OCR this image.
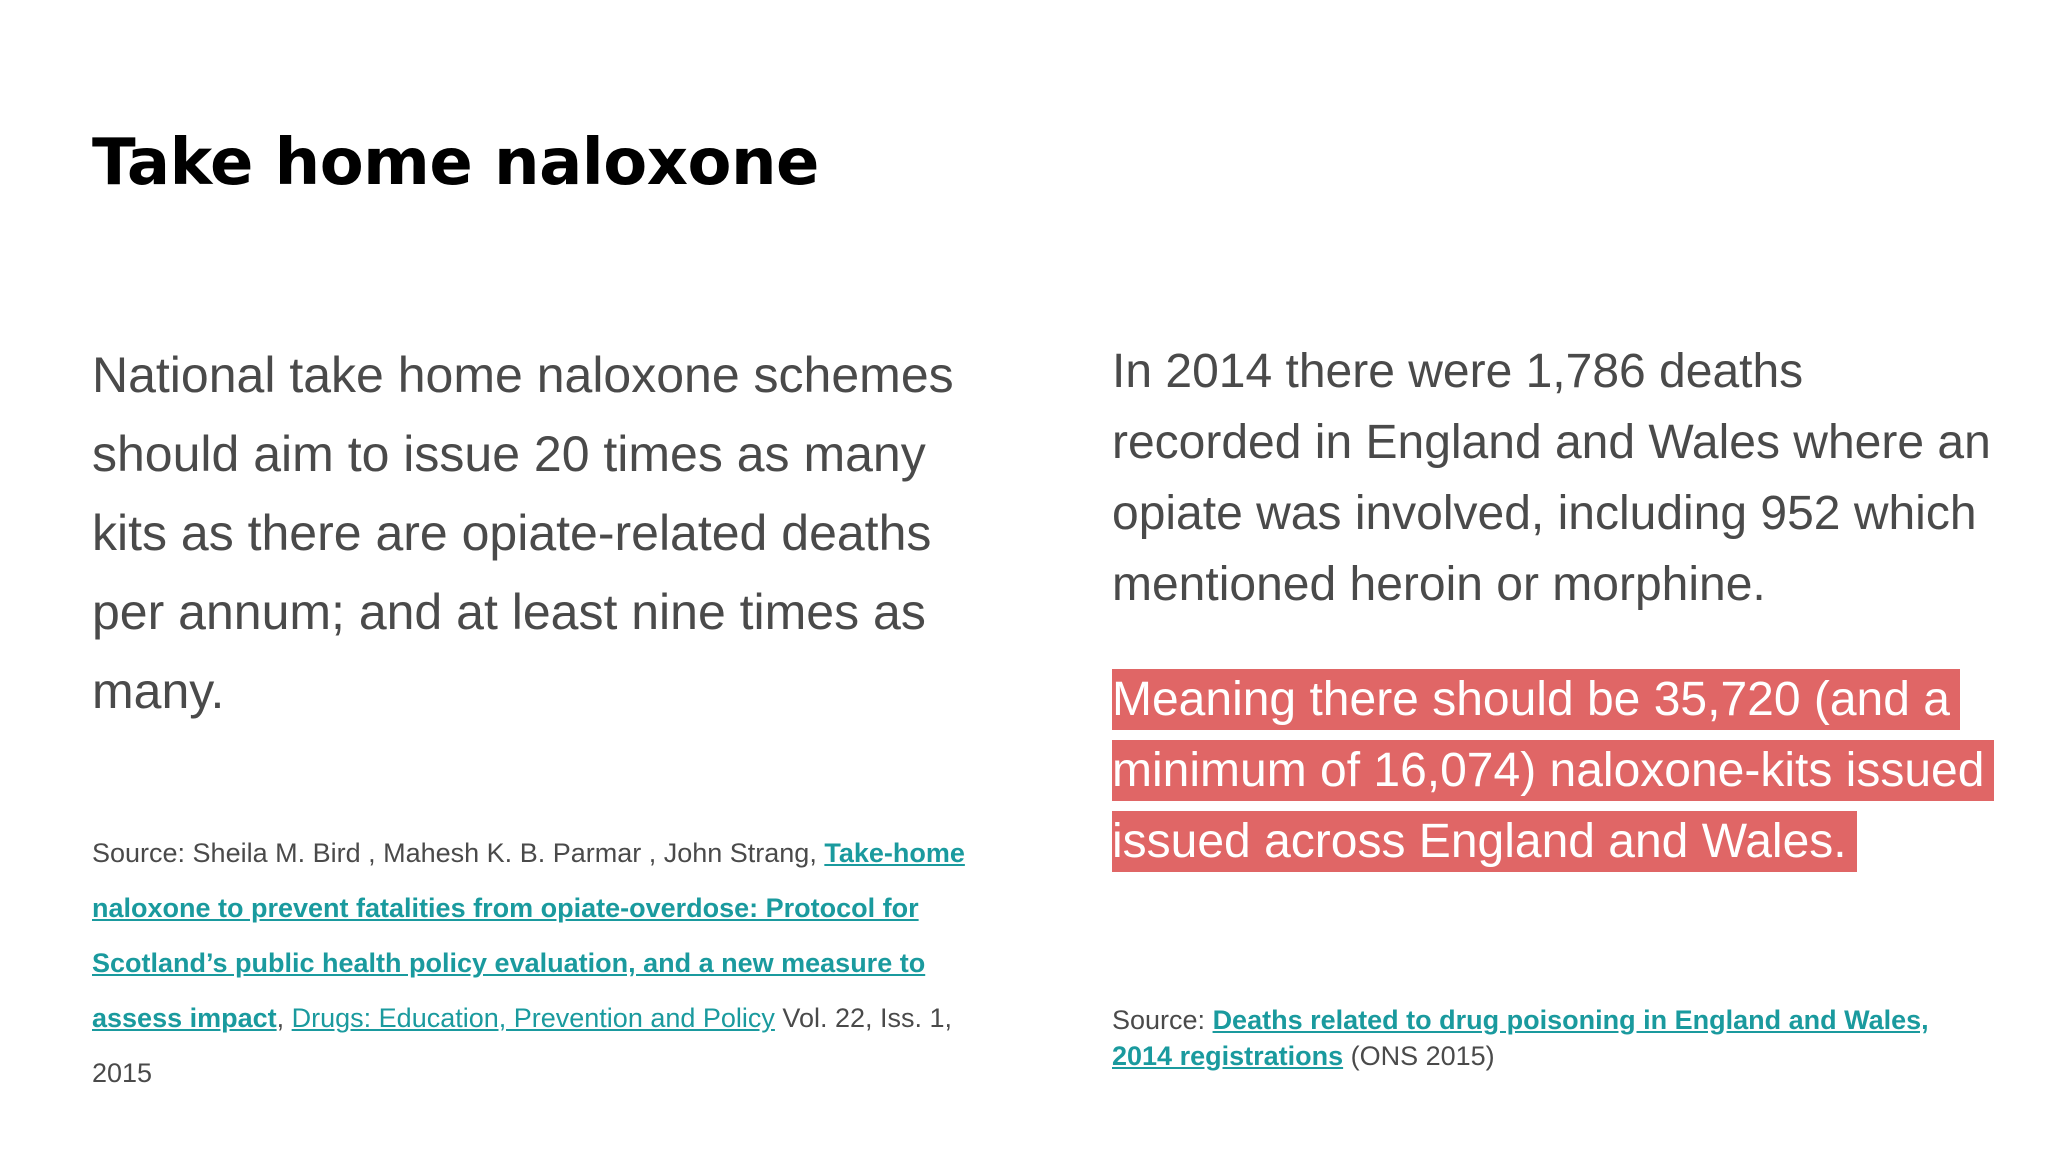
Take home naloxone

National take home naloxone schemes should aim to issue 20 times as many kits as there are opiate-related deaths per annum; and at least nine times as many.

Source: Sheila M. Bird , Mahesh K. B. Parmar , John Strang, Take-home naloxone to prevent fatalities from opiate-overdose: Protocol for Scotland’s public health policy evaluation, and a new measure to assess impact, Drugs: Education, Prevention and Policy Vol. 22, Iss. 1, 2015

In 2014 there were 1,786 deaths recorded in England and Wales where an opiate was involved, including 952 which mentioned heroin or morphine.

Meaning there should be 35,720 (and a minimum of 16,074) naloxone-kits issued issued across England and Wales.

Source: Deaths related to drug poisoning in England and Wales, 2014 registrations (ONS 2015)
